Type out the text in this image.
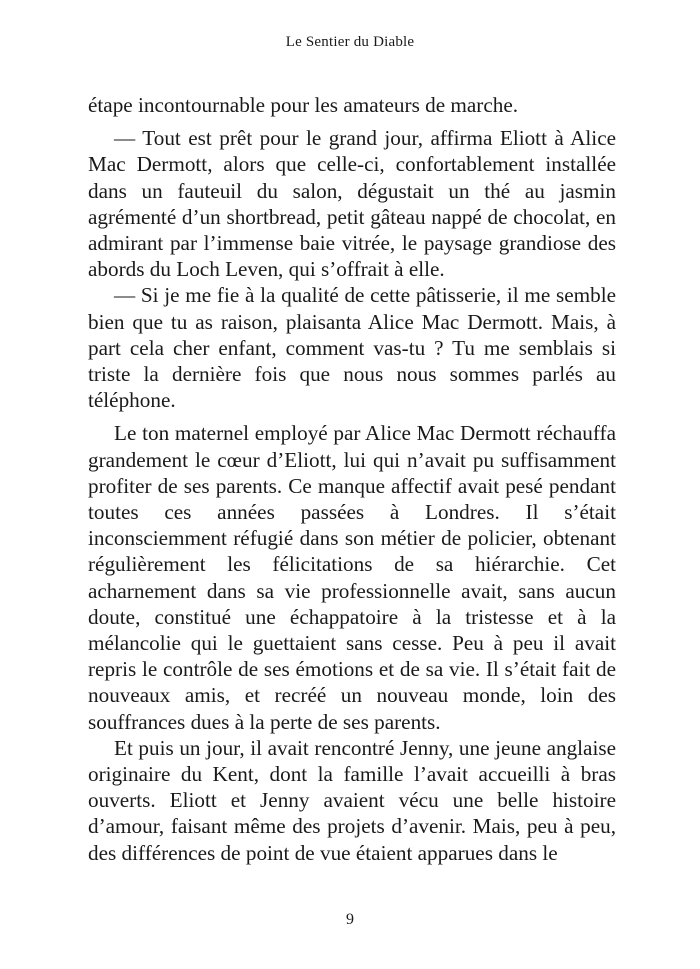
Le Sentier du Diable

étape incontournable pour les amateurs de marche.

— Tout est prêt pour le grand jour, affirma Eliott à Alice Mac Dermott, alors que celle-ci, confortablement installée dans un fauteuil du salon, dégustait un thé au jasmin agrémenté d’un shortbread, petit gâteau nappé de chocolat, en admirant par l’immense baie vitrée, le paysage grandiose des abords du Loch Leven, qui s’offrait à elle.

— Si je me fie à la qualité de cette pâtisserie, il me semble bien que tu as raison, plaisanta Alice Mac Dermott. Mais, à part cela cher enfant, comment vas-tu ? Tu me semblais si triste la dernière fois que nous nous sommes parlés au téléphone.

Le ton maternel employé par Alice Mac Dermott réchauffa grandement le cœur d’Eliott, lui qui n’avait pu suffisamment profiter de ses parents. Ce manque affectif avait pesé pendant toutes ces années passées à Londres. Il s’était inconsciemment réfugié dans son métier de policier, obtenant régulièrement les félicitations de sa hiérarchie. Cet acharnement dans sa vie professionnelle avait, sans aucun doute, constitué une échappatoire à la tristesse et à la mélancolie qui le guettaient sans cesse. Peu à peu il avait repris le contrôle de ses émotions et de sa vie. Il s’était fait de nouveaux amis, et recréé un nouveau monde, loin des souffrances dues à la perte de ses parents.

Et puis un jour, il avait rencontré Jenny, une jeune anglaise originaire du Kent, dont la famille l’avait accueilli à bras ouverts. Eliott et Jenny avaient vécu une belle histoire d’amour, faisant même des projets d’avenir. Mais, peu à peu, des différences de point de vue étaient apparues dans le

9
